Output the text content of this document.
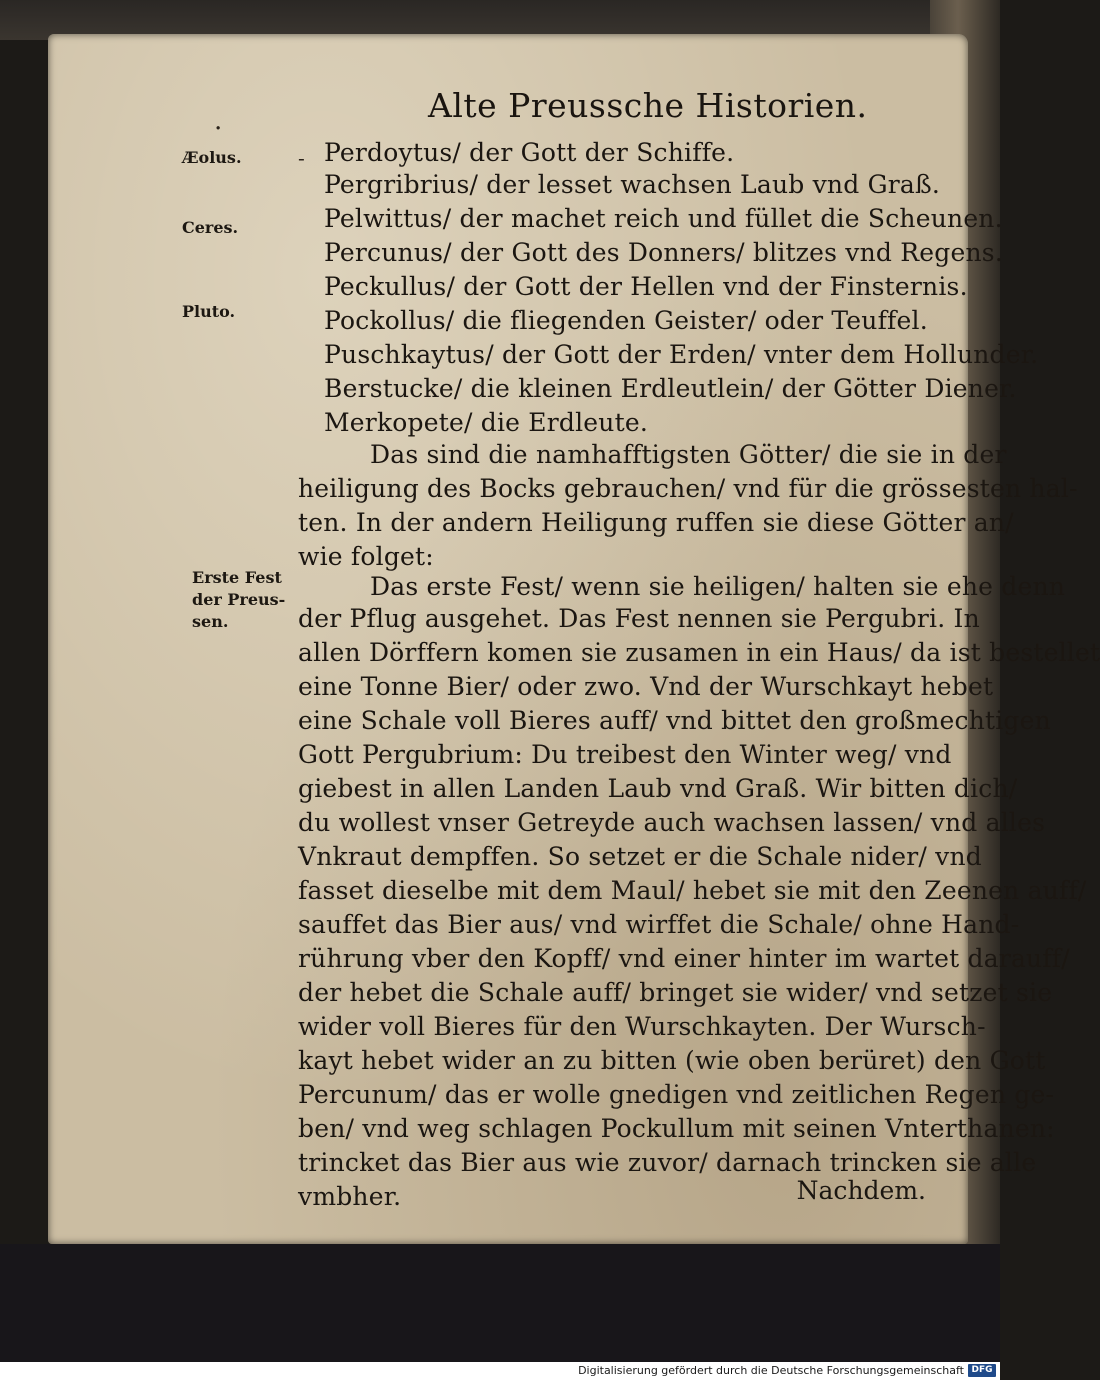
.	Alte Preussche Historien.
Æolus.
Ceres.
Pluto.
Erste Fest
der Preus-
sen.
- Perdoytus/ der Gott der Schiffe.
Pergribrius/ der lesset wachsen Laub vnd Graß.
Pelwittus/ der machet reich und füllet die Scheunen.
Percunus/ der Gott des Donners/ blitzes vnd Regens.
Peckullus/ der Gott der Hellen vnd der Finsternis.
Pockollus/ die fliegenden Geister/ oder Teuffel.
Puschkaytus/ der Gott der Erden/ vnter dem Hollunder.
Berstucke/ die kleinen Erdleutlein/ der Götter Diener.
Merkopete/ die Erdleute.
Das sind die namhafftigsten Götter/ die sie in der
heiligung des Bocks gebrauchen/ vnd für die grössesten hal-
ten. In der andern Heiligung ruffen sie diese Götter an/
wie folget:
Das erste Fest/ wenn sie heiligen/ halten sie ehe denn
der Pflug ausgehet. Das Fest nennen sie Pergubri. In
allen Dörffern komen sie zusamen in ein Haus/ da ist bestellet
eine Tonne Bier/ oder zwo. Vnd der Wurschkayt hebet
eine Schale voll Bieres auff/ vnd bittet den großmechtigen
Gott Pergubrium: Du treibest den Winter weg/ vnd
giebest in allen Landen Laub vnd Graß. Wir bitten dich/
du wollest vnser Getreyde auch wachsen lassen/ vnd alles
Vnkraut dempffen. So setzet er die Schale nider/ vnd
fasset dieselbe mit dem Maul/ hebet sie mit den Zeenen auff/
sauffet das Bier aus/ vnd wirffet die Schale/ ohne Hand-
rührung vber den Kopff/ vnd einer hinter im wartet darauff/
der hebet die Schale auff/ bringet sie wider/ vnd setzet sie
wider voll Bieres für den Wurschkayten. Der Wursch-
kayt hebet wider an zu bitten (wie oben berüret) den Gott
Percunum/ das er wolle gnedigen vnd zeitlichen Regen ge-
ben/ vnd weg schlagen Pockullum mit seinen Vnterthanen:
trincket das Bier aus wie zuvor/ darnach trincken sie alle
vmbher.	Nachdem.
Digitalisierung gefördert durch die Deutsche Forschungsgemeinschaft DFG
